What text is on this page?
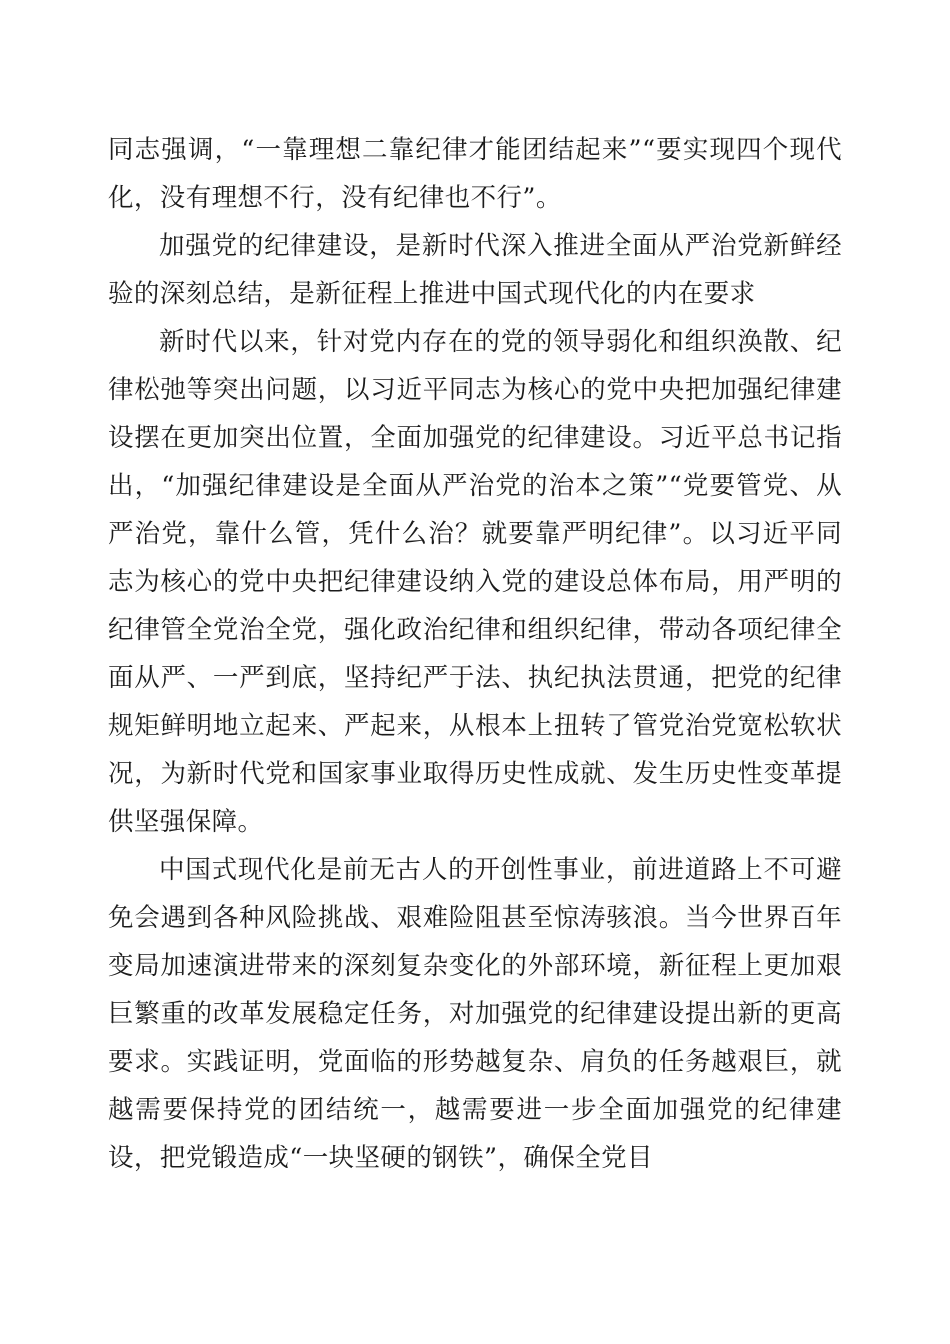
同志强调，“一靠理想二靠纪律才能团结起来”“要实现四个现代化，没有理想不行，没有纪律也不行”。

加强党的纪律建设，是新时代深入推进全面从严治党新鲜经验的深刻总结，是新征程上推进中国式现代化的内在要求

新时代以来，针对党内存在的党的领导弱化和组织涣散、纪律松弛等突出问题，以习近平同志为核心的党中央把加强纪律建设摆在更加突出位置，全面加强党的纪律建设。习近平总书记指出，“加强纪律建设是全面从严治党的治本之策”“党要管党、从严治党，靠什么管，凭什么治？就要靠严明纪律”。以习近平同志为核心的党中央把纪律建设纳入党的建设总体布局，用严明的纪律管全党治全党，强化政治纪律和组织纪律，带动各项纪律全面从严、一严到底，坚持纪严于法、执纪执法贯通，把党的纪律规矩鲜明地立起来、严起来，从根本上扭转了管党治党宽松软状况，为新时代党和国家事业取得历史性成就、发生历史性变革提供坚强保障。

中国式现代化是前无古人的开创性事业，前进道路上不可避免会遇到各种风险挑战、艰难险阻甚至惊涛骇浪。当今世界百年变局加速演进带来的深刻复杂变化的外部环境，新征程上更加艰巨繁重的改革发展稳定任务，对加强党的纪律建设提出新的更高要求。实践证明，党面临的形势越复杂、肩负的任务越艰巨，就越需要保持党的团结统一，越需要进一步全面加强党的纪律建设，把党锻造成“一块坚硬的钢铁”，确保全党目
